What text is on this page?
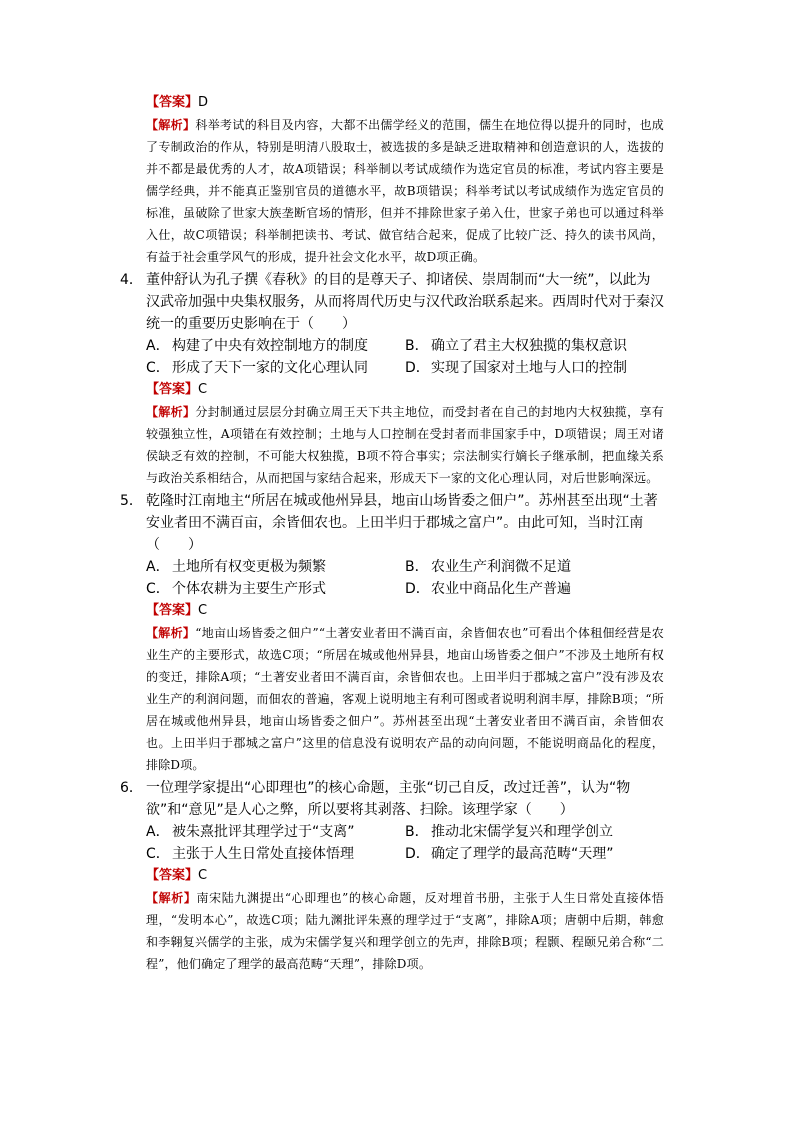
【答案】D
【解析】科举考试的科目及内容，大都不出儒学经义的范围，儒生在地位得以提升的同时，也成了专制政治的作从，特别是明清八股取士，被选拔的多是缺乏进取精神和创造意识的人，选拔的并不都是最优秀的人才，故A项错误；科举制以考试成绩作为选定官员的标准，考试内容主要是儒学经典，并不能真正鉴别官员的道德水平，故B项错误；科举考试以考试成绩作为选定官员的标准，虽破除了世家大族垄断官场的情形，但并不排除世家子弟入仕，世家子弟也可以通过科举入仕，故C项错误；科举制把读书、考试、做官结合起来，促成了比较广泛、持久的读书风尚，有益于社会重学风气的形成，提升社会文化水平，故D项正确。
4． 董仲舒认为孔子撰《春秋》的目的是尊天子、抑诸侯、崇周制而“大一统”，以此为汉武帝加强中央集权服务，从而将周代历史与汉代政治联系起来。西周时代对于秦汉统一的重要历史影响在于（　　）
A． 构建了中央有效控制地方的制度	B． 确立了君主大权独揽的集权意识
C． 形成了天下一家的文化心理认同	D．实现了国家对土地与人口的控制
【答案】C
【解析】分封制通过层层分封确立周王天下共主地位，而受封者在自己的封地内大权独揽，享有较强独立性，A项错在有效控制；土地与人口控制在受封者而非国家手中，D项错误；周王对诸侯缺乏有效的控制，不可能大权独揽，B项不符合事实；宗法制实行嫡长子继承制，把血缘关系与政治关系相结合，从而把国与家结合起来，形成天下一家的文化心理认同，对后世影响深远。
5． 乾隆时江南地主“所居在城或他州异县，地亩山场皆委之佃户”。苏州甚至出现“土著安业者田不满百亩，余皆佃农也。上田半归于郡城之富户”。由此可知，当时江南（　　）
A． 土地所有权变更极为频繁	B． 农业生产利润微不足道
C． 个体农耕为主要生产形式	D．农业中商品化生产普遍
【答案】C
【解析】“地亩山场皆委之佃户”“土著安业者田不满百亩，余皆佃农也”可看出个体租佃经营是农业生产的主要形式，故选C项；“所居在城或他州异县，地亩山场皆委之佃户”不涉及土地所有权的变迁，排除A项；“土著安业者田不满百亩，余皆佃农也。上田半归于郡城之富户”没有涉及农业生产的利润问题，而佃农的普遍，客观上说明地主有利可图或者说明利润丰厚，排除B项；“所居在城或他州异县，地亩山场皆委之佃户”。苏州甚至出现“土著安业者田不满百亩，余皆佃农也。上田半归于郡城之富户”这里的信息没有说明农产品的动向问题，不能说明商品化的程度，排除D项。
6． 一位理学家提出“心即理也”的核心命题，主张“切己自反，改过迁善”，认为“物欲”和“意见”是人心之弊，所以要将其剥落、扫除。该理学家（　　）
A． 被朱熹批评其理学过于“支离”	B． 推动北宋儒学复兴和理学创立
C． 主张于人生日常处直接体悟理	D．确定了理学的最高范畴“天理”
【答案】C
【解析】南宋陆九渊提出“心即理也”的核心命题，反对埋首书册，主张于人生日常处直接体悟理，“发明本心”，故选C项；陆九渊批评朱熹的理学过于“支离”，排除A项；唐朝中后期，韩愈和李翱复兴儒学的主张，成为宋儒学复兴和理学创立的先声，排除B项；程颢、程颐兄弟合称“二程”，他们确定了理学的最高范畴“天理”，排除D项。
